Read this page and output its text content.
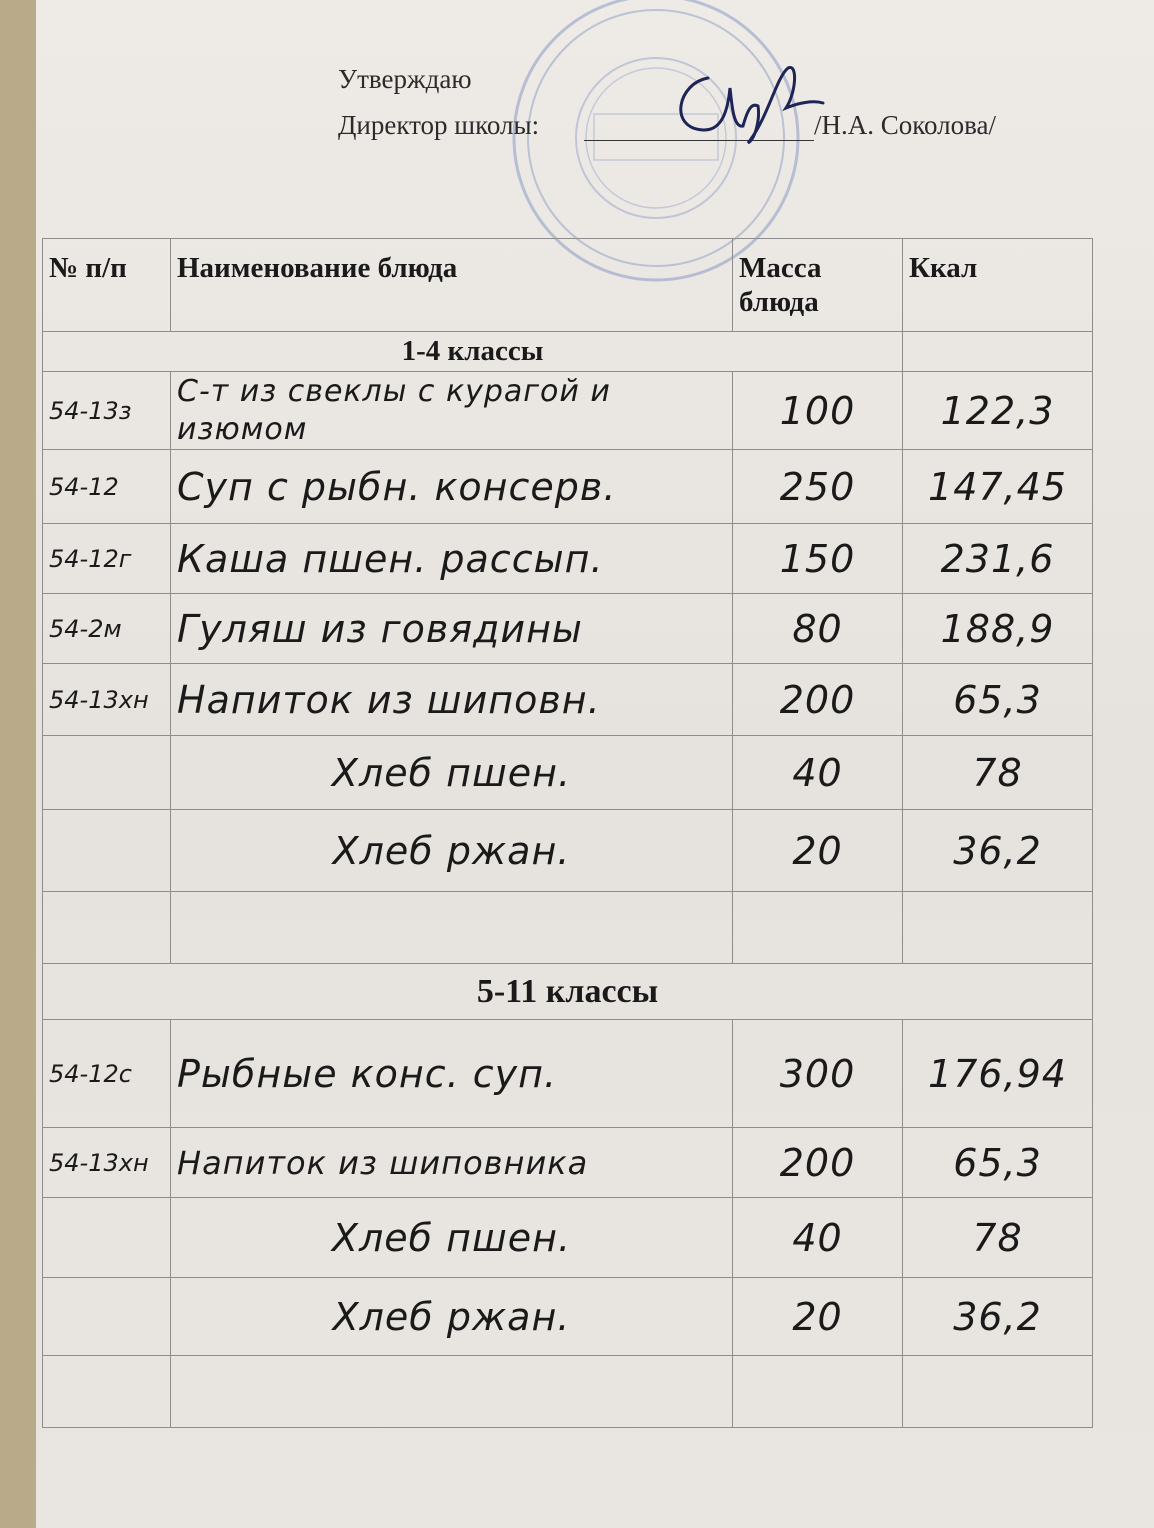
Утверждаю
Директор школы:	/Н.А. Соколова/
№ п/п	Наименование блюда	Масса блюда	Ккал
1-4 классы			
54-13з	С-т из свеклы с курагой и изюмом	100	122,3
54-12	Суп с рыбн. консерв.	250	147,45
54-12г	Каша пшен. рассып.	150	231,6
54-2м	Гуляш из говядины	80	188,9
54-13хн	Напиток из шиповн.	200	65,3
	Хлеб пшен.	40	78
	Хлеб ржан.	20	36,2

5-11 классы			
54-12с	Рыбные конс. суп.	300	176,94
54-13хн	Напиток из шиповника	200	65,3
	Хлеб пшен.	40	78
	Хлеб ржан.	20	36,2
